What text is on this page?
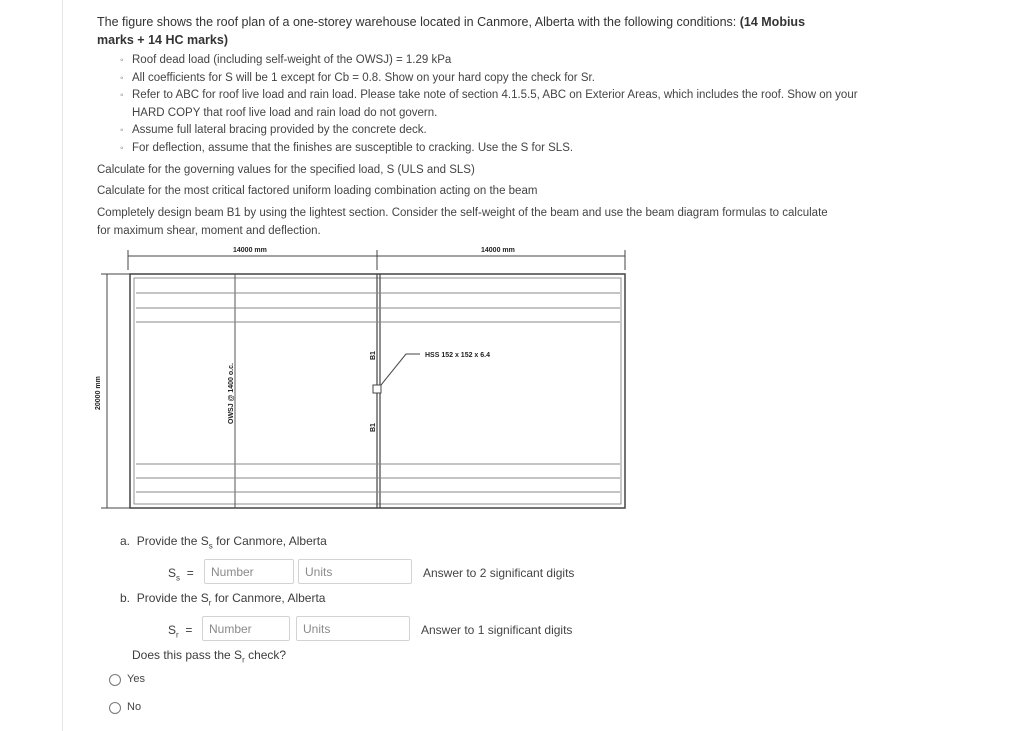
The figure shows the roof plan of a one-storey warehouse located in Canmore, Alberta with the following conditions: (14 Mobius marks + 14 HC marks)
◦ Roof dead load (including self-weight of the OWSJ) = 1.29 kPa
◦ All coefficients for S will be 1 except for Cb = 0.8. Show on your hard copy the check for Sr.
◦ Refer to ABC for roof live load and rain load. Please take note of section 4.1.5.5, ABC on Exterior Areas, which includes the roof. Show on your HARD COPY that roof live load and rain load do not govern.
◦ Assume full lateral bracing provided by the concrete deck.
◦ For deflection, assume that the finishes are susceptible to cracking. Use the S for SLS.
Calculate for the governing values for the specified load, S (ULS and SLS)
Calculate for the most critical factored uniform loading combination acting on the beam
Completely design beam B1 by using the lightest section. Consider the self-weight of the beam and use the beam diagram formulas to calculate for maximum shear, moment and deflection.
14000 mm	14000 mm
20000 mm	OWSJ @ 1400 o.c.
B1
B1
HSS 152 x 152 x 6.4
a. Provide the $S_s$ for Canmore, Alberta
$S_s$ =	Number	Units	Answer to 2 significant digits
b. Provide the $S_r$ for Canmore, Alberta
$S_r$ =	Number	Units	Answer to 1 significant digits
Does this pass the $S_r$ check?
Yes
No
